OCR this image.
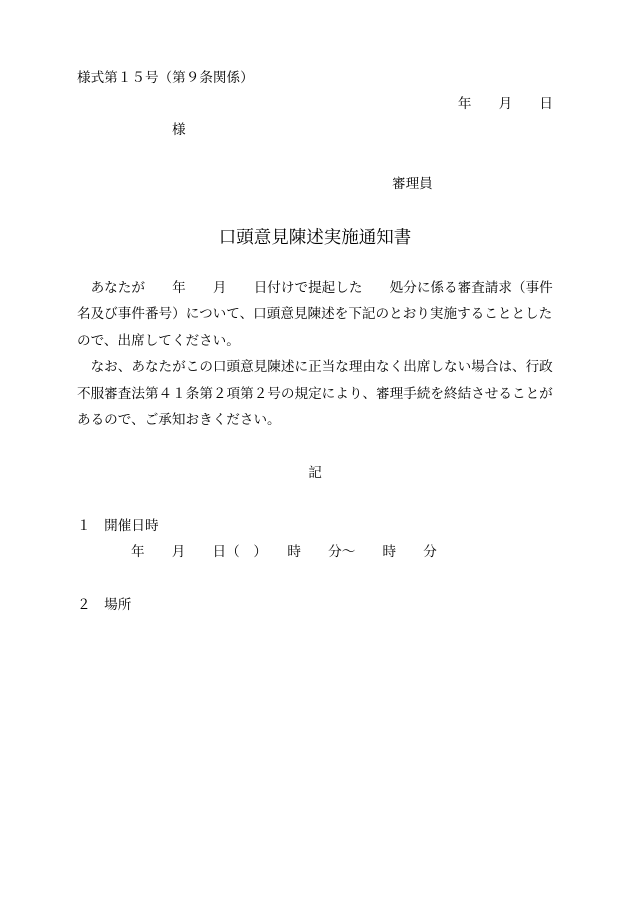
様式第１５号（第９条関係）
年　　月　　日
様
審理員
口頭意見陳述実施通知書
　あなたが　　年　　月　　日付けで提起した　　処分に係る審査請求（事件
名及び事件番号）について、口頭意見陳述を下記のとおり実施することとした
ので、出席してください。
　なお、あなたがこの口頭意見陳述に正当な理由なく出席しない場合は、行政
不服審査法第４１条第２項第２号の規定により、審理手続を終結させることが
あるので、ご承知おきください。
記
１　開催日時
年　　月　　日（　）　　時　　分～　　時　　分
２　場所
